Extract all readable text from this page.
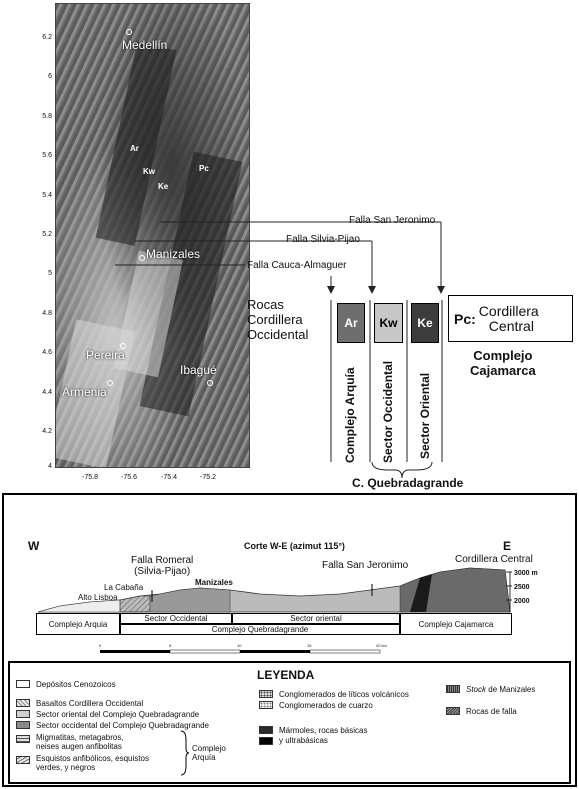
6.2
6
5.8
5.6
5.4
5.2
5
4.8
4.6
4.4
4.2
4
-75.8	-75.6	-75.4	-75.2
Medellín
Manizales
Pereira
Armenia
Ibagué
Ar
Kw
Ke
Pc
Falla San Jeronimo
Falla Silvia-Pijao
Falla Cauca-Almaguer
Rocas
Cordillera
Occidental
Ar	Kw	Ke	Pc: Cordillera
Central
Complejo
Cajamarca
Complejo Arquía Sector Occidental Sector Oriental
C. Quebradagrande
W	E
Corte W-E (azimut 115°)
Falla Romeral
(Silvia-Pijao)
Manizales
Falla San Jeronimo
Cordillera Central
La Cabaña
Alto Lisboa
3000 m
2500
2000
Sector Occidental	Sector oriental
Complejo Arquia
Complejo Quebradagrande
Complejo Cajamarca
0	5	10	15	20 km
LEYENDA
Depósitos Cenozoicos
Basaltos Cordillera Occidental
Sector oriental del Complejo Quebradagrande
Sector occidental del Complejo Quebradagrande
Migmatitas, metagabros,
neises augen anfibolitas
Esquistos anfibólicos, esquistos
verdes, y negros
Complejo
Arquía
Conglomerados de líticos volcánicos
Conglomerados de cuarzo
Mármoles, rocas básicas
y ultrabásicas
Stock de Manizales
Rocas de falla
